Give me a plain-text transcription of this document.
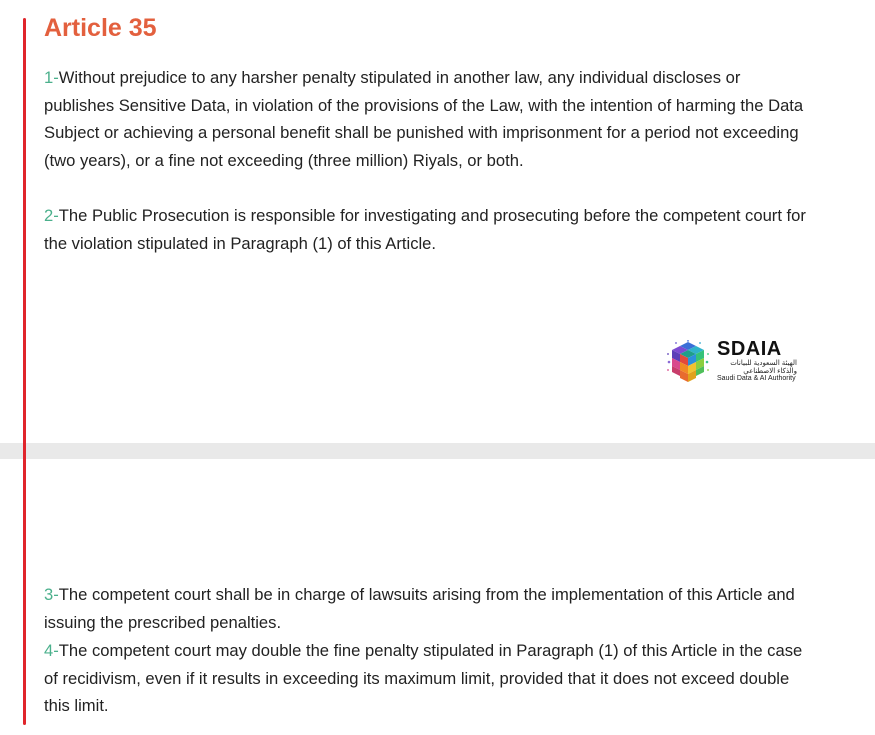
Article 35

1-Without prejudice to any harsher penalty stipulated in another law, any individual discloses or publishes Sensitive Data, in violation of the provisions of the Law, with the intention of harming the Data Subject or achieving a personal benefit shall be punished with imprisonment for a period not exceeding (two years), or a fine not exceeding (three million) Riyals, or both.

2-The Public Prosecution is responsible for investigating and prosecuting before the competent court for the violation stipulated in Paragraph (1) of this Article.

SDAIA
الهيئة السعودية للبيانات والذكاء الاصطناعي
Saudi Data & AI Authority

3-The competent court shall be in charge of lawsuits arising from the implementation of this Article and issuing the prescribed penalties.

4-The competent court may double the fine penalty stipulated in Paragraph (1) of this Article in the case of recidivism, even if it results in exceeding its maximum limit, provided that it does not exceed double this limit.
